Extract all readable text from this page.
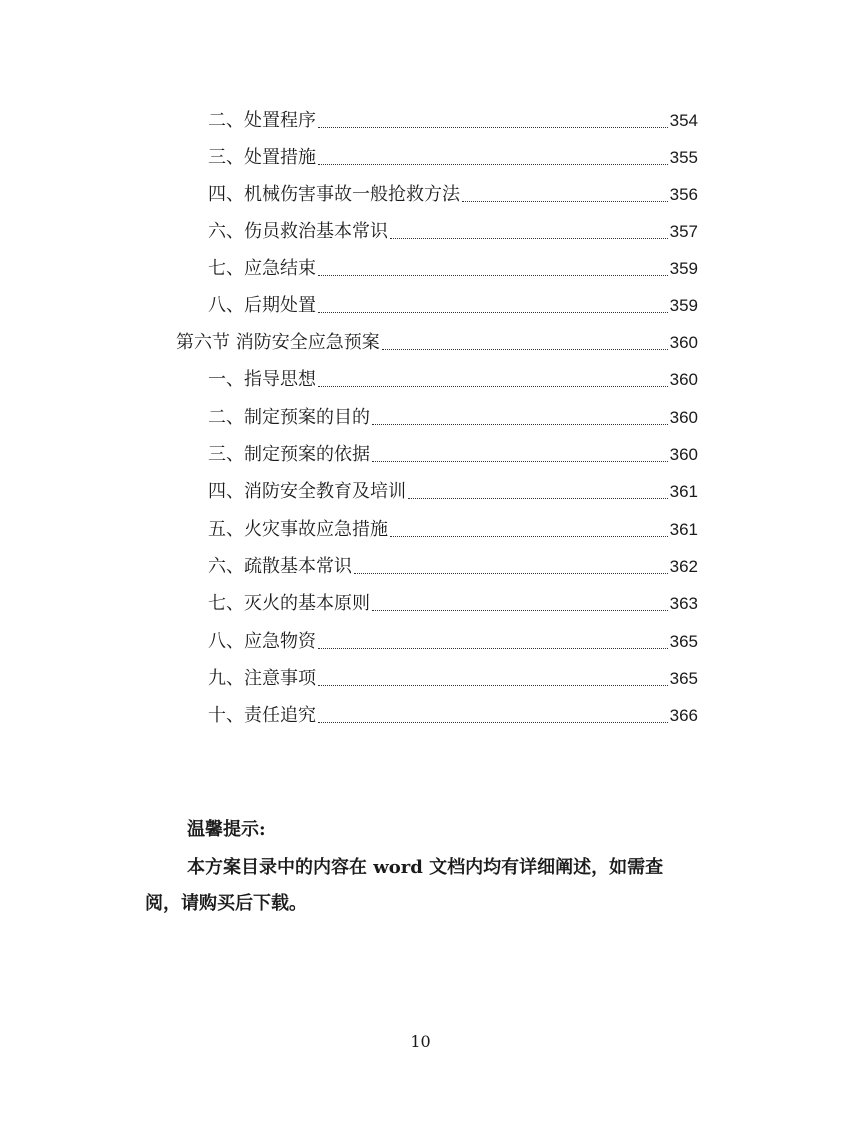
二、处置程序	354
三、处置措施	355
四、机械伤害事故一般抢救方法	356
六、伤员救治基本常识	357
七、应急结束	359
八、后期处置	359
第六节 消防安全应急预案	360
一、指导思想	360
二、制定预案的目的	360
三、制定预案的依据	360
四、消防安全教育及培训	361
五、火灾事故应急措施	361
六、疏散基本常识	362
七、灭火的基本原则	363
八、应急物资	365
九、注意事项	365
十、责任追究	366
温馨提示:
本方案目录中的内容在 word 文档内均有详细阐述，如需查阅，请购买后下载。
10
